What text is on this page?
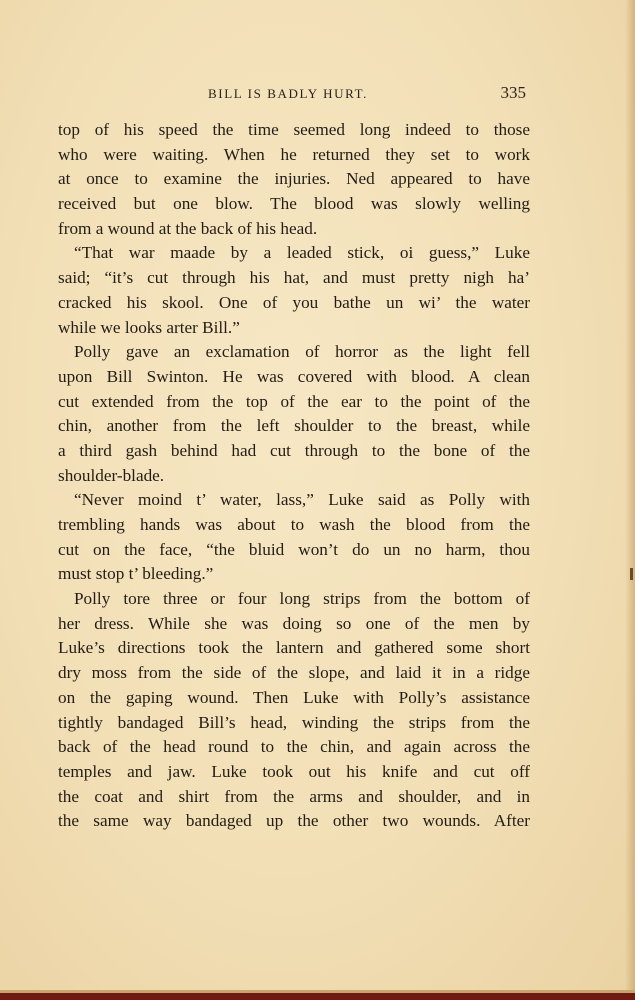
BILL IS BADLY HURT.	335
top of his speed the time seemed long indeed to those
who were waiting. When he returned they set to work
at once to examine the injuries. Ned appeared to have
received but one blow. The blood was slowly welling
from a wound at the back of his head.
“That war maade by a leaded stick, oi guess,” Luke
said; “it’s cut through his hat, and must pretty nigh ha’
cracked his skool. One of you bathe un wi’ the water
while we looks arter Bill.”
Polly gave an exclamation of horror as the light fell
upon Bill Swinton. He was covered with blood. A clean
cut extended from the top of the ear to the point of the
chin, another from the left shoulder to the breast, while
a third gash behind had cut through to the bone of the
shoulder-blade.
“Never moind t’ water, lass,” Luke said as Polly with
trembling hands was about to wash the blood from the
cut on the face, “the bluid won’t do un no harm, thou
must stop t’ bleeding.”
Polly tore three or four long strips from the bottom of
her dress. While she was doing so one of the men by
Luke’s directions took the lantern and gathered some short
dry moss from the side of the slope, and laid it in a ridge
on the gaping wound. Then Luke with Polly’s assistance
tightly bandaged Bill’s head, winding the strips from the
back of the head round to the chin, and again across the
temples and jaw. Luke took out his knife and cut off
the coat and shirt from the arms and shoulder, and in
the same way bandaged up the other two wounds. After
